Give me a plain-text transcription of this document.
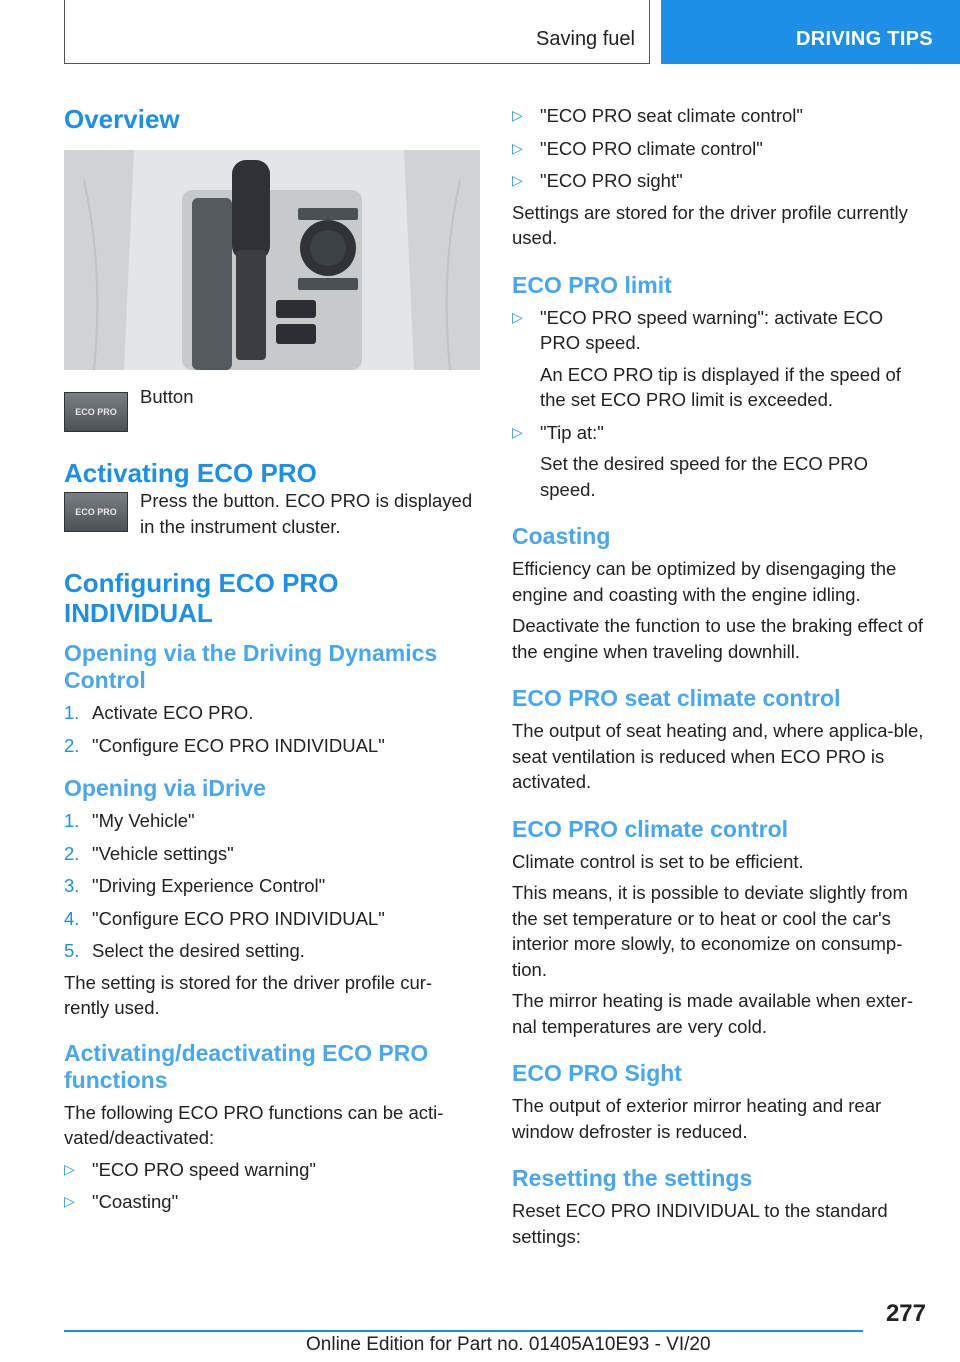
Saving fuel	DRIVING TIPS
Overview
ECO PRO

Button

Activating ECO PRO
ECO PRO

Press the button. ECO PRO is displayed in the instrument cluster.

Configuring ECO PRO INDIVIDUAL
Opening via the Driving Dynamics Control
1. Activate ECO PRO.
2. "Configure ECO PRO INDIVIDUAL"
Opening via iDrive
1. "My Vehicle"
2. "Vehicle settings"
3. "Driving Experience Control"
4. "Configure ECO PRO INDIVIDUAL"
5. Select the desired setting.

The setting is stored for the driver profile cur‐rently used.

Activating/deactivating ECO PRO functions

The following ECO PRO functions can be acti‐vated/deactivated:

▷ "ECO PRO speed warning"
▷ "Coasting"
▷ "ECO PRO seat climate control"
▷ "ECO PRO climate control"
▷ "ECO PRO sight"

Settings are stored for the driver profile currently used.

ECO PRO limit
▷ "ECO PRO speed warning": activate ECO PRO speed.

An ECO PRO tip is displayed if the speed of the set ECO PRO limit is exceeded.

▷ "Tip at:"

Set the desired speed for the ECO PRO speed.

Coasting

Efficiency can be optimized by disengaging the engine and coasting with the engine idling.

Deactivate the function to use the braking effect of the engine when traveling downhill.

ECO PRO seat climate control

The output of seat heating and, where applica‐ble, seat ventilation is reduced when ECO PRO is activated.

ECO PRO climate control

Climate control is set to be efficient.

This means, it is possible to deviate slightly from the set temperature or to heat or cool the car's interior more slowly, to economize on consump‐tion.

The mirror heating is made available when exter‐nal temperatures are very cold.

ECO PRO Sight

The output of exterior mirror heating and rear window defroster is reduced.

Resetting the settings

Reset ECO PRO INDIVIDUAL to the standard settings:

277
Online Edition for Part no. 01405A10E93 - VI/20
